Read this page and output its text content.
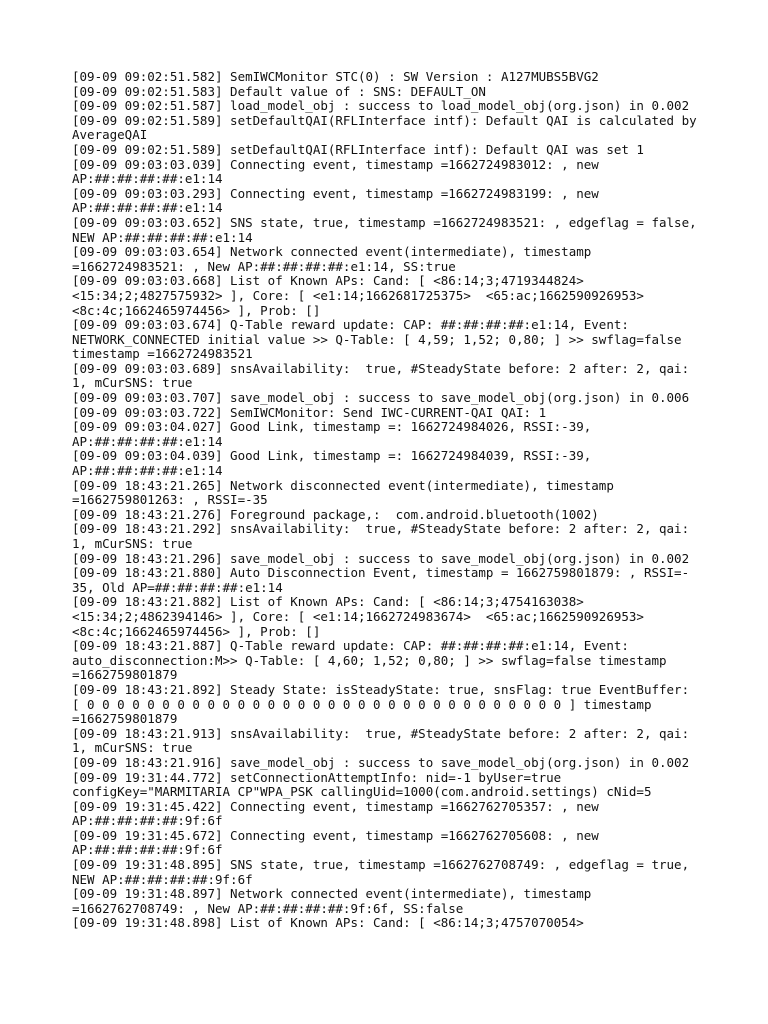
[09-09 09:02:51.582] SemIWCMonitor STC(0) : SW Version : A127MUBS5BVG2
[09-09 09:02:51.583] Default value of : SNS: DEFAULT_ON
[09-09 09:02:51.587] load_model_obj : success to load_model_obj(org.json) in 0.002
[09-09 09:02:51.589] setDefaultQAI(RFLInterface intf): Default QAI is calculated by
AverageQAI
[09-09 09:02:51.589] setDefaultQAI(RFLInterface intf): Default QAI was set 1
[09-09 09:03:03.039] Connecting event, timestamp =1662724983012: , new
AP:##:##:##:##:e1:14
[09-09 09:03:03.293] Connecting event, timestamp =1662724983199: , new
AP:##:##:##:##:e1:14
[09-09 09:03:03.652] SNS state, true, timestamp =1662724983521: , edgeflag = false,
NEW AP:##:##:##:##:e1:14
[09-09 09:03:03.654] Network connected event(intermediate), timestamp
=1662724983521: , New AP:##:##:##:##:e1:14, SS:true
[09-09 09:03:03.668] List of Known APs: Cand: [ <86:14;3;4719344824>
<15:34;2;4827575932> ], Core: [ <e1:14;1662681725375>  <65:ac;1662590926953>
<8c:4c;1662465974456> ], Prob: []
[09-09 09:03:03.674] Q-Table reward update: CAP: ##:##:##:##:e1:14, Event:
NETWORK_CONNECTED initial value >> Q-Table: [ 4,59; 1,52; 0,80; ] >> swflag=false
timestamp =1662724983521
[09-09 09:03:03.689] snsAvailability:  true, #SteadyState before: 2 after: 2, qai:
1, mCurSNS: true
[09-09 09:03:03.707] save_model_obj : success to save_model_obj(org.json) in 0.006
[09-09 09:03:03.722] SemIWCMonitor: Send IWC-CURRENT-QAI QAI: 1
[09-09 09:03:04.027] Good Link, timestamp =: 1662724984026, RSSI:-39,
AP:##:##:##:##:e1:14
[09-09 09:03:04.039] Good Link, timestamp =: 1662724984039, RSSI:-39,
AP:##:##:##:##:e1:14
[09-09 18:43:21.265] Network disconnected event(intermediate), timestamp
=1662759801263: , RSSI=-35
[09-09 18:43:21.276] Foreground package,:  com.android.bluetooth(1002)
[09-09 18:43:21.292] snsAvailability:  true, #SteadyState before: 2 after: 2, qai:
1, mCurSNS: true
[09-09 18:43:21.296] save_model_obj : success to save_model_obj(org.json) in 0.002
[09-09 18:43:21.880] Auto Disconnection Event, timestamp = 1662759801879: , RSSI=-
35, Old AP=##:##:##:##:e1:14
[09-09 18:43:21.882] List of Known APs: Cand: [ <86:14;3;4754163038>
<15:34;2;4862394146> ], Core: [ <e1:14;1662724983674>  <65:ac;1662590926953>
<8c:4c;1662465974456> ], Prob: []
[09-09 18:43:21.887] Q-Table reward update: CAP: ##:##:##:##:e1:14, Event:
auto_disconnection:M>> Q-Table: [ 4,60; 1,52; 0,80; ] >> swflag=false timestamp
=1662759801879
[09-09 18:43:21.892] Steady State: isSteadyState: true, snsFlag: true EventBuffer:
[ 0 0 0 0 0 0 0 0 0 0 0 0 0 0 0 0 0 0 0 0 0 0 0 0 0 0 0 0 0 0 0 0 ] timestamp
=1662759801879
[09-09 18:43:21.913] snsAvailability:  true, #SteadyState before: 2 after: 2, qai:
1, mCurSNS: true
[09-09 18:43:21.916] save_model_obj : success to save_model_obj(org.json) in 0.002
[09-09 19:31:44.772] setConnectionAttemptInfo: nid=-1 byUser=true
configKey="MARMITARIA CP"WPA_PSK callingUid=1000(com.android.settings) cNid=5
[09-09 19:31:45.422] Connecting event, timestamp =1662762705357: , new
AP:##:##:##:##:9f:6f
[09-09 19:31:45.672] Connecting event, timestamp =1662762705608: , new
AP:##:##:##:##:9f:6f
[09-09 19:31:48.895] SNS state, true, timestamp =1662762708749: , edgeflag = true,
NEW AP:##:##:##:##:9f:6f
[09-09 19:31:48.897] Network connected event(intermediate), timestamp
=1662762708749: , New AP:##:##:##:##:9f:6f, SS:false
[09-09 19:31:48.898] List of Known APs: Cand: [ <86:14;3;4757070054>
